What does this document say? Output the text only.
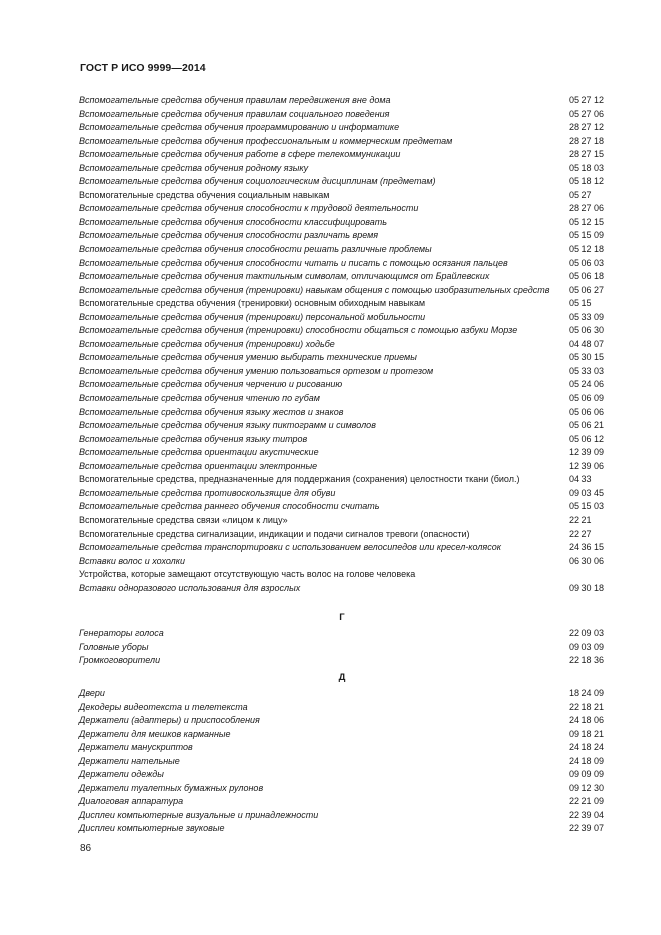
ГОСТ Р ИСО 9999—2014
Вспомогательные средства обучения правилам передвижения вне дома	05 27 12
Вспомогательные средства обучения правилам социального поведения	05 27 06
Вспомогательные средства обучения программированию и информатике	28 27 12
Вспомогательные средства обучения профессиональным и коммерческим предметам	28 27 18
Вспомогательные средства обучения работе в сфере телекоммуникации	28 27 15
Вспомогательные средства обучения родному языку	05 18 03
Вспомогательные средства обучения социологическим дисциплинам (предметам)	05 18 12
Вспомогательные средства обучения социальным навыкам	05 27
Вспомогательные средства обучения способности к трудовой деятельности	28 27 06
Вспомогательные средства обучения способности классифицировать	05 12 15
Вспомогательные средства обучения способности различать время	05 15 09
Вспомогательные средства обучения способности решать различные проблемы	05 12 18
Вспомогательные средства обучения способности читать и писать с помощью осязания пальцев	05 06 03
Вспомогательные средства обучения тактильным символам, отличающимся от Брайлевских	05 06 18
Вспомогательные средства обучения (тренировки) навыкам общения с помощью изобразительных средств	05 06 27
Вспомогательные средства обучения (тренировки) основным обиходным навыкам	05 15
Вспомогательные средства обучения (тренировки) персональной мобильности	05 33 09
Вспомогательные средства обучения (тренировки) способности общаться с помощью азбуки Морзе	05 06 30
Вспомогательные средства обучения (тренировки) ходьбе	04 48 07
Вспомогательные средства обучения умению выбирать технические приемы	05 30 15
Вспомогательные средства обучения умению пользоваться ортезом и протезом	05 33 03
Вспомогательные средства обучения черчению и рисованию	05 24 06
Вспомогательные средства обучения чтению по губам	05 06 09
Вспомогательные средства обучения языку жестов и знаков	05 06 06
Вспомогательные средства обучения языку пиктограмм и символов	05 06 21
Вспомогательные средства обучения языку титров	05 06 12
Вспомогательные средства ориентации акустические	12 39 09
Вспомогательные средства ориентации электронные	12 39 06
Вспомогательные средства, предназначенные для поддержания (сохранения) целостности ткани (биол.)	04 33
Вспомогательные средства противоскользящие для обуви	09 03 45
Вспомогательные средства раннего обучения способности считать	05 15 03
Вспомогательные средства связи «лицом к лицу»	22 21
Вспомогательные средства сигнализации, индикации и подачи сигналов тревоги (опасности)	22 27
Вспомогательные средства транспортировки с использованием велосипедов или кресел-колясок	24 36 15
Вставки волос и хохолки	06 30 06
Устройства, которые замещают отсутствующую часть волос на голове человека
Вставки одноразового использования для взрослых	09 30 18
Г
Генераторы голоса	22 09 03
Головные уборы	09 03 09
Громкоговорители	22 18 36
Д
Двери	18 24 09
Декодеры видеотекста и телетекста	22 18 21
Держатели (адаптеры) и приспособления	24 18 06
Держатели для мешков карманные	09 18 21
Держатели манускриптов	24 18 24
Держатели нательные	24 18 09
Держатели одежды	09 09 09
Держатели туалетных бумажных рулонов	09 12 30
Диалоговая аппаратура	22 21 09
Дисплеи компьютерные визуальные и принадлежности	22 39 04
Дисплеи компьютерные звуковые	22 39 07
86
